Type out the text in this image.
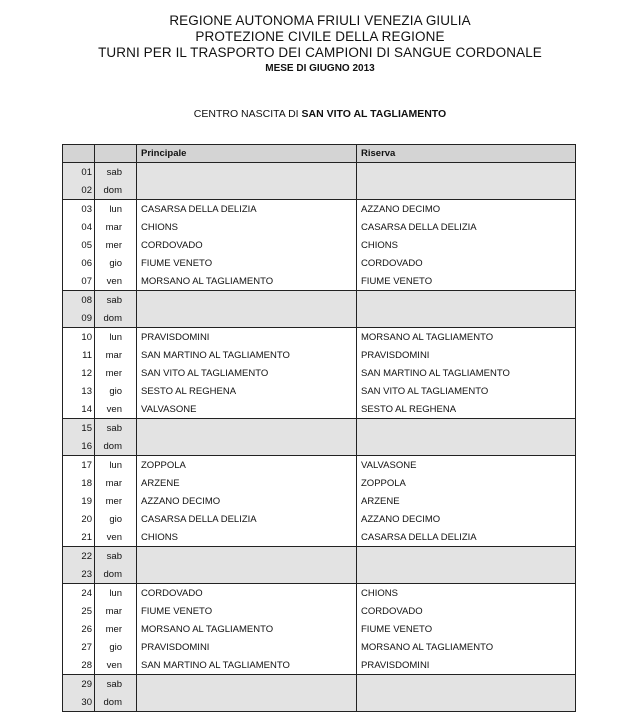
REGIONE AUTONOMA FRIULI VENEZIA GIULIA
PROTEZIONE CIVILE DELLA REGIONE
TURNI PER IL TRASPORTO DEI CAMPIONI DI SANGUE CORDONALE
MESE DI GIUGNO 2013
CENTRO NASCITA DI SAN VITO AL TAGLIAMENTO
		Principale	Riserva
01	sab		
02	dom		
03	lun	CASARSA DELLA DELIZIA	AZZANO DECIMO
04	mar	CHIONS	CASARSA DELLA DELIZIA
05	mer	CORDOVADO	CHIONS
06	gio	FIUME VENETO	CORDOVADO
07	ven	MORSANO AL TAGLIAMENTO	FIUME VENETO
08	sab		
09	dom		
10	lun	PRAVISDOMINI	MORSANO AL TAGLIAMENTO
11	mar	SAN MARTINO AL TAGLIAMENTO	PRAVISDOMINI
12	mer	SAN VITO AL TAGLIAMENTO	SAN MARTINO AL TAGLIAMENTO
13	gio	SESTO AL REGHENA	SAN VITO AL TAGLIAMENTO
14	ven	VALVASONE	SESTO AL REGHENA
15	sab		
16	dom		
17	lun	ZOPPOLA	VALVASONE
18	mar	ARZENE	ZOPPOLA
19	mer	AZZANO DECIMO	ARZENE
20	gio	CASARSA DELLA DELIZIA	AZZANO DECIMO
21	ven	CHIONS	CASARSA DELLA DELIZIA
22	sab		
23	dom		
24	lun	CORDOVADO	CHIONS
25	mar	FIUME VENETO	CORDOVADO
26	mer	MORSANO AL TAGLIAMENTO	FIUME VENETO
27	gio	PRAVISDOMINI	MORSANO AL TAGLIAMENTO
28	ven	SAN MARTINO AL TAGLIAMENTO	PRAVISDOMINI
29	sab		
30	dom		
